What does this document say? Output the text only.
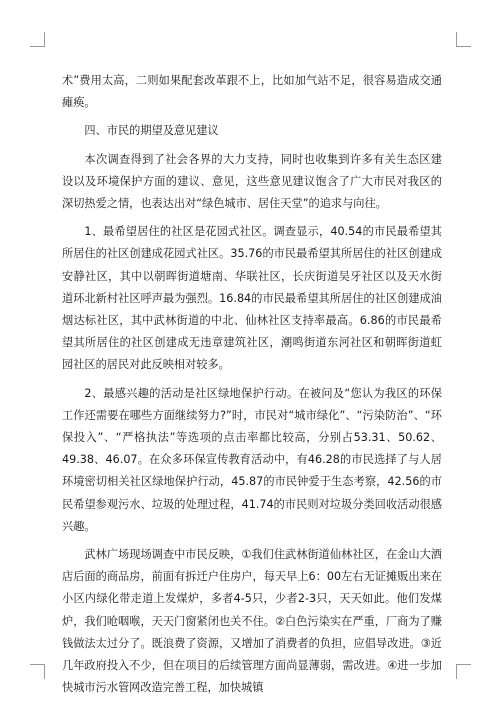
术”费用太高，二则如果配套改革跟不上，比如加气站不足，很容易造成交通瘫痪。

四、市民的期望及意见建议

本次调查得到了社会各界的大力支持，同时也收集到许多有关生态区建设以及环境保护方面的建议、意见，这些意见建议饱含了广大市民对我区的深切热爱之情，也表达出对“绿色城市、居住天堂”的追求与向往。

1、最希望居住的社区是花园式社区。调查显示，40.54的市民最希望其所居住的社区创建成花园式社区。35.76的市民最希望其所居住的社区创建成安静社区，其中以朝晖街道塘南、华联社区，长庆街道吴牙社区以及天水街道环北新村社区呼声最为强烈。16.84的市民最希望其所居住的社区创建成油烟达标社区，其中武林街道的中北、仙林社区支持率最高。6.86的市民最希望其所居住的社区创建成无违章建筑社区，潮鸣街道东河社区和朝晖街道虹园社区的居民对此反映相对较多。

2、最感兴趣的活动是社区绿地保护行动。在被问及“您认为我区的环保工作还需要在哪些方面继续努力?”时，市民对“城市绿化”、“污染防治”、“环保投入”、“严格执法”等选项的点击率都比较高，分别占53.31、50.62、49.38、46.07。在众多环保宣传教育活动中，有46.28的市民选择了与人居环境密切相关社区绿地保护行动，45.87的市民钟爱于生态考察，42.56的市民希望参观污水、垃圾的处理过程，41.74的市民则对垃圾分类回收活动很感兴趣。

武林广场现场调查中市民反映，①我们住武林街道仙林社区，在金山大酒店后面的商品房，前面有拆迁户住房户，每天早上6：00左右无证摊贩出来在小区内绿化带走道上发煤炉，多者4-5只，少者2-3只，天天如此。他们发煤炉，我们呛咽喉，天天门窗紧闭也关不住。②白色污染实在严重，厂商为了赚钱做法太过分了。既浪费了资源，又增加了消费者的负担，应倡导改进。③近几年政府投入不少，但在项目的后续管理方面尚显薄弱，需改进。④进一步加快城市污水管网改造完善工程，加快城镇
